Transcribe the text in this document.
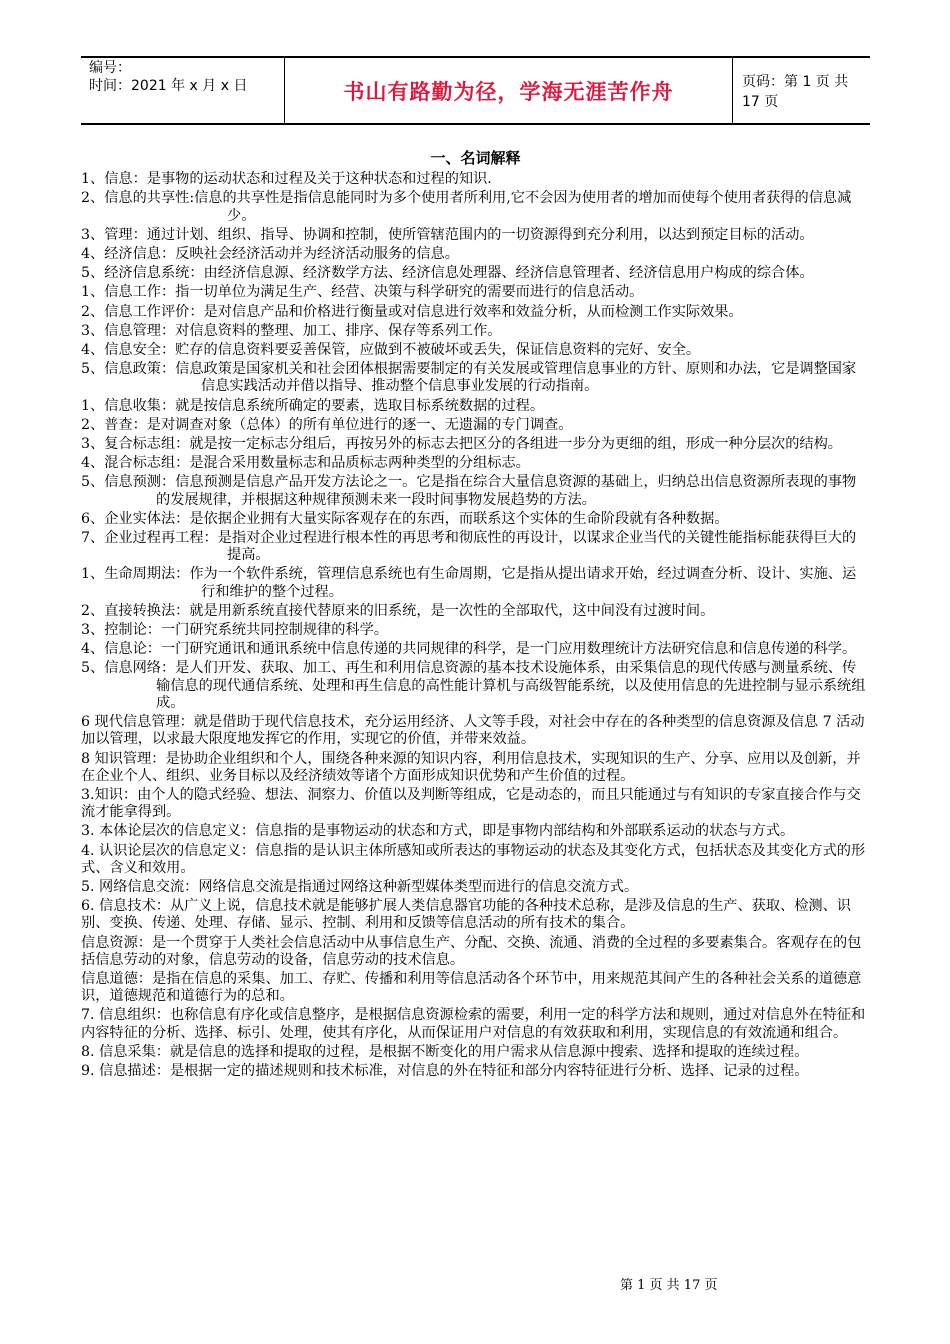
编号：
时间：2021 年 x 月 x 日	书山有路勤为径，学海无涯苦作舟	页码：第 1 页 共 17 页
一、名词解释
1、信息：是事物的运动状态和过程及关于这种状态和过程的知识.
2、信息的共享性:信息的共享性是指信息能同时为多个使用者所利用,它不会因为使用者的增加而使每个使用者获得的信息减少。
3、管理：通过计划、组织、指导、协调和控制，使所管辖范围内的一切资源得到充分利用，以达到预定目标的活动。
4、经济信息：反映社会经济活动并为经济活动服务的信息。
5、经济信息系统：由经济信息源、经济数学方法、经济信息处理器、经济信息管理者、经济信息用户构成的综合体。
1、信息工作：指一切单位为满足生产、经营、决策与科学研究的需要而进行的信息活动。
2、信息工作评价：是对信息产品和价格进行衡量或对信息进行效率和效益分析，从而检测工作实际效果。
3、信息管理：对信息资料的整理、加工、排序、保存等系列工作。
4、信息安全：贮存的信息资料要妥善保管，应做到不被破坏或丢失，保证信息资料的完好、安全。
5、信息政策：信息政策是国家机关和社会团体根据需要制定的有关发展或管理信息事业的方针、原则和办法，它是调整国家信息实践活动并借以指导、推动整个信息事业发展的行动指南。
1、信息收集：就是按信息系统所确定的要素，选取目标系统数据的过程。
2、普查：是对调查对象（总体）的所有单位进行的逐一、无遗漏的专门调查。
3、复合标志组：就是按一定标志分组后，再按另外的标志去把区分的各组进一步分为更细的组，形成一种分层次的结构。
4、混合标志组：是混合采用数量标志和品质标志两种类型的分组标志。
5、信息预测：信息预测是信息产品开发方法论之一。它是指在综合大量信息资源的基础上，归纳总出信息资源所表现的事物的发展规律，并根据这种规律预测未来一段时间事物发展趋势的方法。
6、企业实体法：是依据企业拥有大量实际客观存在的东西，而联系这个实体的生命阶段就有各种数据。
7、企业过程再工程：是指对企业过程进行根本性的再思考和彻底性的再设计，以谋求企业当代的关键性能指标能获得巨大的提高。
1、生命周期法：作为一个软件系统，管理信息系统也有生命周期，它是指从提出请求开始，经过调查分析、设计、实施、运行和维护的整个过程。
2、直接转换法：就是用新系统直接代替原来的旧系统，是一次性的全部取代，这中间没有过渡时间。
3、控制论：一门研究系统共同控制规律的科学。
4、信息论：一门研究通讯和通讯系统中信息传递的共同规律的科学，是一门应用数理统计方法研究信息和信息传递的科学。
5、信息网络：是人们开发、获取、加工、再生和利用信息资源的基本技术设施体系，由采集信息的现代传感与测量系统、传输信息的现代通信系统、处理和再生信息的高性能计算机与高级智能系统，以及使用信息的先进控制与显示系统组成。
6 现代信息管理：就是借助于现代信息技术，充分运用经济、人文等手段，对社会中存在的各种类型的信息资源及信息 7 活动加以管理，以求最大限度地发挥它的作用，实现它的价值，并带来效益。
8 知识管理：是协助企业组织和个人，围绕各种来源的知识内容，利用信息技术，实现知识的生产、分享、应用以及创新，并在企业个人、组织、业务目标以及经济绩效等诸个方面形成知识优势和产生价值的过程。
3.知识：由个人的隐式经验、想法、洞察力、价值以及判断等组成，它是动态的，而且只能通过与有知识的专家直接合作与交流才能拿得到。
3. 本体论层次的信息定义：信息指的是事物运动的状态和方式，即是事物内部结构和外部联系运动的状态与方式。
4. 认识论层次的信息定义：信息指的是认识主体所感知或所表达的事物运动的状态及其变化方式，包括状态及其变化方式的形式、含义和效用。
5. 网络信息交流：网络信息交流是指通过网络这种新型媒体类型而进行的信息交流方式。
6. 信息技术：从广义上说，信息技术就是能够扩展人类信息器官功能的各种技术总称，是涉及信息的生产、获取、检测、识别、变换、传递、处理、存储、显示、控制、利用和反馈等信息活动的所有技术的集合。
信息资源：是一个贯穿于人类社会信息活动中从事信息生产、分配、交换、流通、消费的全过程的多要素集合。客观存在的包括信息劳动的对象，信息劳动的设备，信息劳动的技术信息。
信息道德：是指在信息的采集、加工、存贮、传播和利用等信息活动各个环节中，用来规范其间产生的各种社会关系的道德意识，道德规范和道德行为的总和。
7. 信息组织：也称信息有序化或信息整序，是根据信息资源检索的需要，利用一定的科学方法和规则，通过对信息外在特征和内容特征的分析、选择、标引、处理，使其有序化，从而保证用户对信息的有效获取和利用，实现信息的有效流通和组合。
8. 信息采集：就是信息的选择和提取的过程，是根据不断变化的用户需求从信息源中搜索、选择和提取的连续过程。
9. 信息描述：是根据一定的描述规则和技术标准，对信息的外在特征和部分内容特征进行分析、选择、记录的过程。
第 1 页 共 17 页
